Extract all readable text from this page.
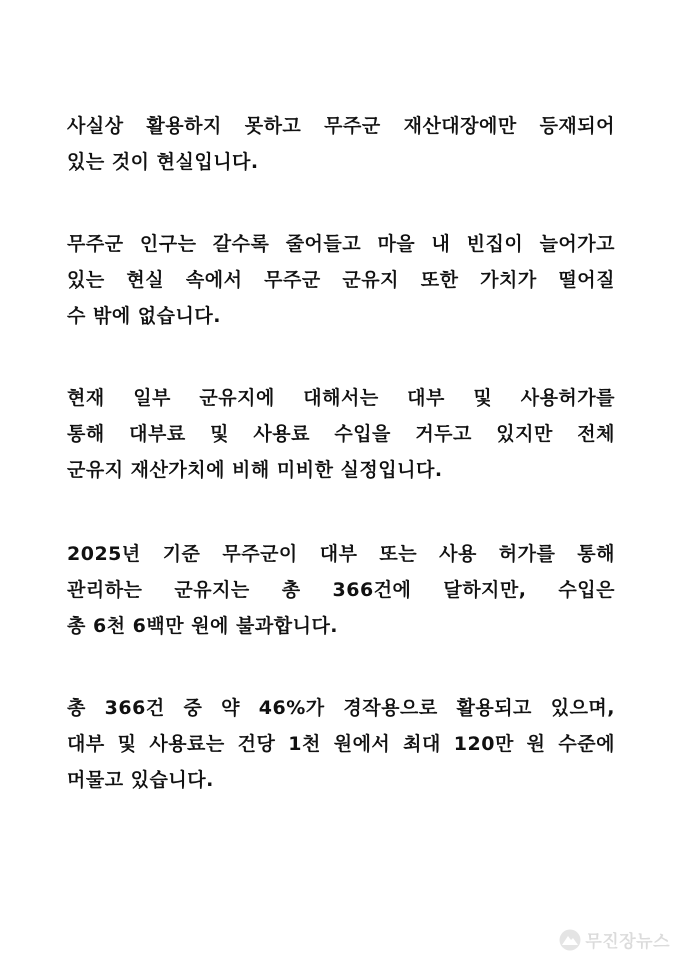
사실상 활용하지 못하고 무주군 재산대장에만 등재되어
있는 것이 현실입니다.
무주군 인구는 갈수록 줄어들고 마을 내 빈집이 늘어가고
있는 현실 속에서 무주군 군유지 또한 가치가 떨어질
수 밖에 없습니다.
현재 일부 군유지에 대해서는 대부 및 사용허가를
통해 대부료 및 사용료 수입을 거두고 있지만 전체
군유지 재산가치에 비해 미비한 실정입니다.
2025년 기준 무주군이 대부 또는 사용 허가를 통해
관리하는 군유지는 총 366건에 달하지만, 수입은
총 6천 6백만 원에 불과합니다.
총 366건 중 약 46%가 경작용으로 활용되고 있으며,
대부 및 사용료는 건당 1천 원에서 최대 120만 원 수준에
머물고 있습니다.
무진장뉴스
